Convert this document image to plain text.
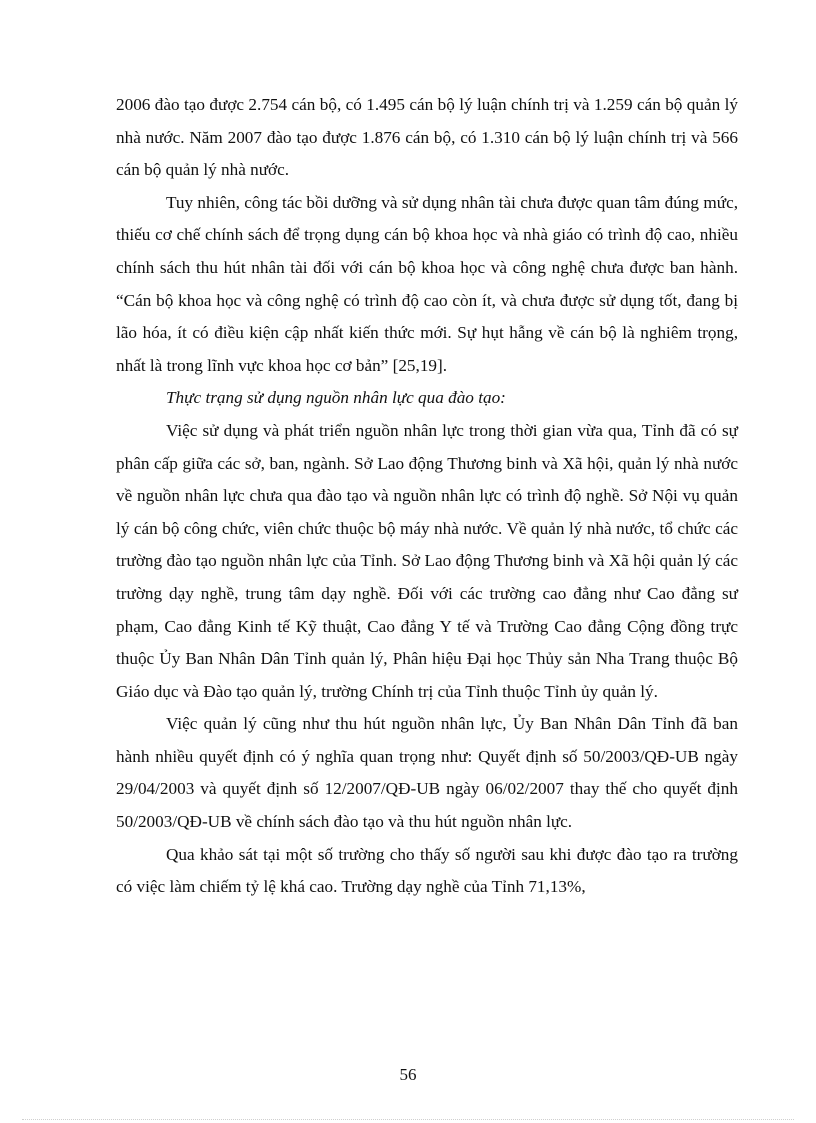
2006 đào tạo được 2.754 cán bộ, có 1.495 cán bộ lý luận chính trị và 1.259 cán bộ quản lý nhà nước. Năm 2007 đào tạo được 1.876 cán bộ, có 1.310 cán bộ lý luận chính trị và 566 cán bộ quản lý nhà nước.

Tuy nhiên, công tác bồi dưỡng và sử dụng nhân tài chưa được quan tâm đúng mức, thiếu cơ chế chính sách để trọng dụng cán bộ khoa học và nhà giáo có trình độ cao, nhiều chính sách thu hút nhân tài đối với cán bộ khoa học và công nghệ chưa được ban hành. “Cán bộ khoa học và công nghệ có trình độ cao còn ít, và chưa được sử dụng tốt, đang bị lão hóa, ít có điều kiện cập nhất kiến thức mới. Sự hụt hẫng về cán bộ là nghiêm trọng, nhất là trong lĩnh vực khoa học cơ bản” [25,19].

Thực trạng sử dụng nguồn nhân lực qua đào tạo:

Việc sử dụng và phát triển nguồn nhân lực trong thời gian vừa qua, Tỉnh đã có sự phân cấp giữa các sở, ban, ngành. Sở Lao động Thương binh và Xã hội, quản lý nhà nước về nguồn nhân lực chưa qua đào tạo và nguồn nhân lực có trình độ nghề. Sở Nội vụ quản lý cán bộ công chức, viên chức thuộc bộ máy nhà nước. Về quản lý nhà nước, tổ chức các trường đào tạo nguồn nhân lực của Tỉnh. Sở Lao động Thương binh và Xã hội quản lý các trường dạy nghề, trung tâm dạy nghề. Đối với các trường cao đẳng như Cao đẳng sư phạm, Cao đẳng Kinh tế Kỹ thuật, Cao đẳng Y tế và Trường Cao đẳng Cộng đồng trực thuộc Ủy Ban Nhân Dân Tỉnh quản lý, Phân hiệu Đại học Thủy sản Nha Trang thuộc Bộ Giáo dục và Đào tạo quản lý, trường Chính trị của Tỉnh thuộc Tỉnh ủy quản lý.

Việc quản lý cũng như thu hút nguồn nhân lực, Ủy Ban Nhân Dân Tỉnh đã ban hành nhiều quyết định có ý nghĩa quan trọng như: Quyết định số 50/2003/QĐ-UB ngày 29/04/2003 và quyết định số 12/2007/QĐ-UB ngày 06/02/2007 thay thế cho quyết định 50/2003/QĐ-UB về chính sách đào tạo và thu hút nguồn nhân lực.

Qua khảo sát tại một số trường cho thấy số người sau khi được đào tạo ra trường có việc làm chiếm tỷ lệ khá cao. Trường dạy nghề của Tỉnh 71,13%,

56
